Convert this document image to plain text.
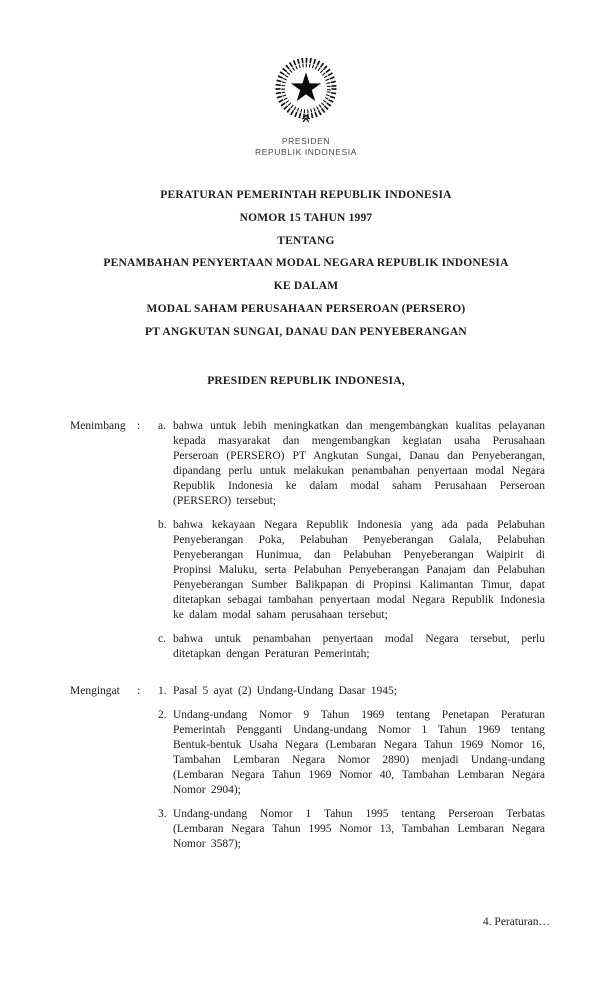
PRESIDEN
REPUBLIK INDONESIA
PERATURAN PEMERINTAH REPUBLIK INDONESIA
NOMOR 15 TAHUN 1997
TENTANG
PENAMBAHAN PENYERTAAN MODAL NEGARA REPUBLIK INDONESIA
KE DALAM
MODAL SAHAM PERUSAHAAN PERSEROAN (PERSERO)
PT ANGKUTAN SUNGAI, DANAU DAN PENYEBERANGAN
PRESIDEN REPUBLIK INDONESIA,
Menimbang :	a. bahwa untuk lebih meningkatkan dan mengembangkan kualitas pelayanan kepada masyarakat dan mengembangkan kegiatan usaha Perusahaan Perseroan (PERSERO) PT Angkutan Sungai, Danau dan Penyeberangan, dipandang perlu untuk melakukan penambahan penyertaan modal Negara Republik Indonesia ke dalam modal saham Perusahaan Perseroan (PERSERO) tersebut;
b. bahwa kekayaan Negara Republik Indonesia yang ada pada Pelabuhan Penyeberangan Poka, Pelabuhan Penyeberangan Galala, Pelabuhan Penyeberangan Hunimua, dan Pelabuhan Penyeberangan Waipirit di Propinsi Maluku, serta Pelabuhan Penyeberangan Panajam dan Pelabuhan Penyeberangan Sumber Balikpapan di Propinsi Kalimantan Timur, dapat ditetapkan sebagai tambahan penyertaan modal Negara Republik Indonesia ke dalam modal saham perusahaan tersebut;
c. bahwa untuk penambahan penyertaan modal Negara tersebut, perlu ditetapkan dengan Peraturan Pemerintah;
Mengingat	:	1. Pasal 5 ayat (2) Undang-Undang Dasar 1945;
2. Undang-undang Nomor 9 Tahun 1969 tentang Penetapan Peraturan Pemerintah Pengganti Undang-undang Nomor 1 Tahun 1969 tentang Bentuk-bentuk Usaha Negara (Lembaran Negara Tahun 1969 Nomor 16, Tambahan Lembaran Negara Nomor 2890) menjadi Undang-undang (Lembaran Negara Tahun 1969 Nomor 40, Tambahan Lembaran Negara Nomor 2904);
3. Undang-undang Nomor 1 Tahun 1995 tentang Perseroan Terbatas (Lembaran Negara Tahun 1995 Nomor 13, Tambahan Lembaran Negara Nomor 3587);
4. Peraturan…
